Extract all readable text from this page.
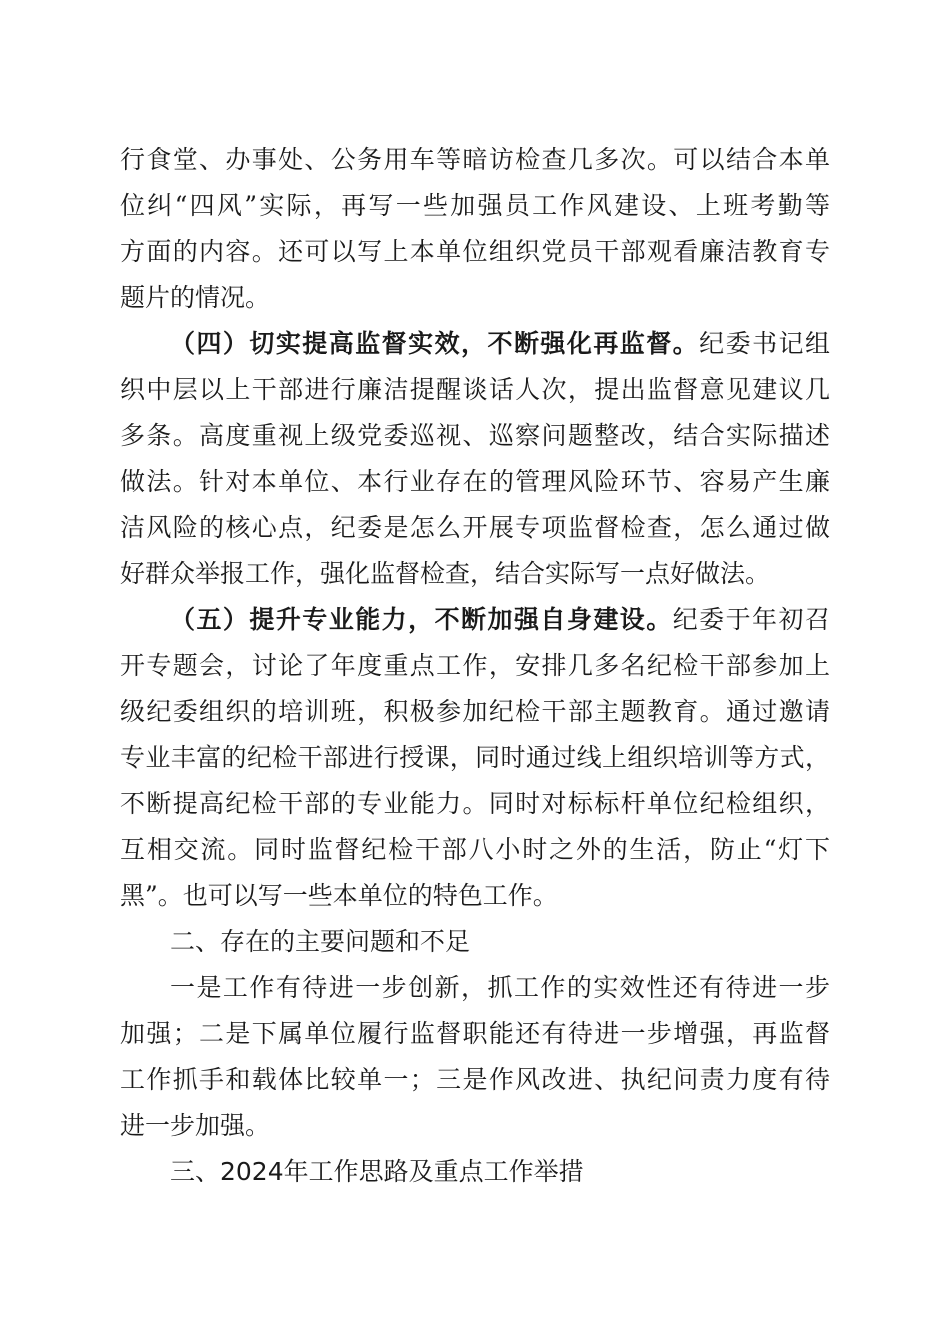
行食堂、办事处、公务用车等暗访检查几多次。可以结合本单
位纠“四风”实际，再写一些加强员工作风建设、上班考勤等
方面的内容。还可以写上本单位组织党员干部观看廉洁教育专
题片的情况。
（四）切实提高监督实效，不断强化再监督。纪委书记组
织中层以上干部进行廉洁提醒谈话人次，提出监督意见建议几
多条。高度重视上级党委巡视、巡察问题整改，结合实际描述
做法。针对本单位、本行业存在的管理风险环节、容易产生廉
洁风险的核心点，纪委是怎么开展专项监督检查，怎么通过做
好群众举报工作，强化监督检查，结合实际写一点好做法。
（五）提升专业能力，不断加强自身建设。纪委于年初召
开专题会，讨论了年度重点工作，安排几多名纪检干部参加上
级纪委组织的培训班，积极参加纪检干部主题教育。通过邀请
专业丰富的纪检干部进行授课，同时通过线上组织培训等方式，
不断提高纪检干部的专业能力。同时对标标杆单位纪检组织，
互相交流。同时监督纪检干部八小时之外的生活，防止“灯下
黑”。也可以写一些本单位的特色工作。
二、存在的主要问题和不足
一是工作有待进一步创新，抓工作的实效性还有待进一步
加强；二是下属单位履行监督职能还有待进一步增强，再监督
工作抓手和载体比较单一；三是作风改进、执纪问责力度有待
进一步加强。
三、2024年工作思路及重点工作举措
